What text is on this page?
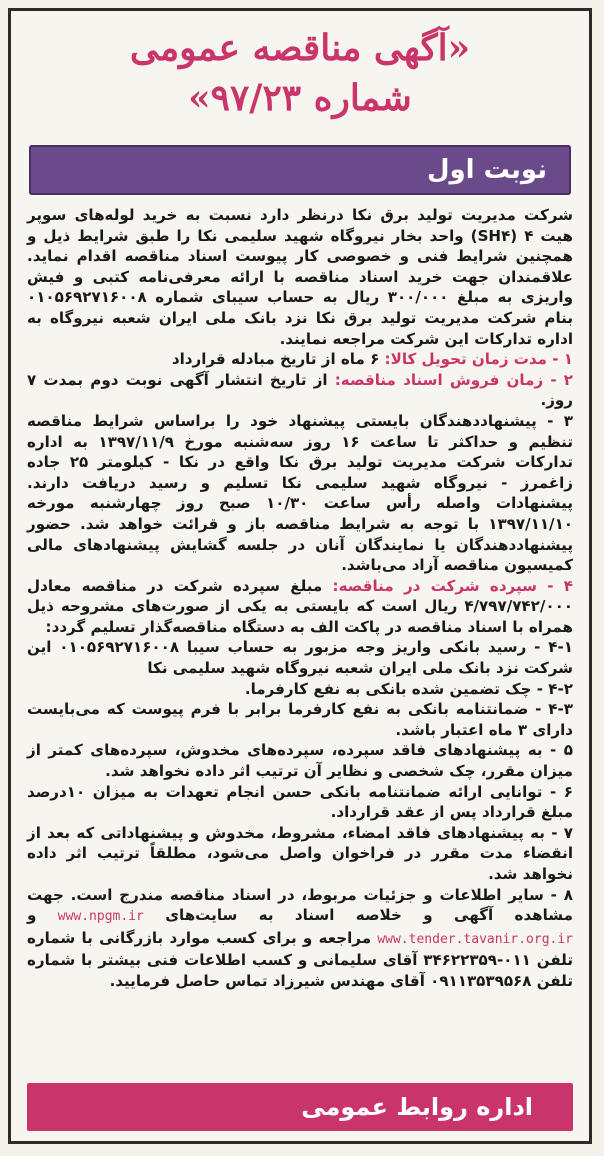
«آگهی مناقصه عمومی
شماره ۹۷/۲۳»
نوبت اول

شرکت مدیریت تولید برق نکا درنظر دارد نسبت به خرید لوله‌های سوپر هیت ۴ (SH۴) واحد بخار نیروگاه شهید سلیمی نکا را طبق شرایط ذیل و همچنین شرایط فنی و خصوصی کار پیوست اسناد مناقصه اقدام نماید. علاقمندان جهت خرید اسناد مناقصه با ارائه معرفی‌نامه کتبی و فیش واریزی به مبلغ ۳۰۰/۰۰۰ ریال به حساب سیبای شماره ۰۱۰۵۶۹۲۷۱۶۰۰۸ بنام شرکت مدیریت تولید برق نکا نزد بانک ملی ایران شعبه نیروگاه به اداره تدارکات این شرکت مراجعه نمایند.

۱ - مدت زمان تحویل کالا: ۶ ماه از تاریخ مبادله قرارداد

۲ - زمان فروش اسناد مناقصه: از تاریخ انتشار آگهی نوبت دوم بمدت ۷ روز.

۳ - پیشنهاددهندگان بایستی پیشنهاد خود را براساس شرایط مناقصه تنظیم و حداکثر تا ساعت ۱۶ روز سه‌شنبه مورخ ۱۳۹۷/۱۱/۹ به اداره تدارکات شرکت مدیریت تولید برق نکا واقع در نکا - کیلومتر ۲۵ جاده زاغمرز - نیروگاه شهید سلیمی نکا تسلیم و رسید دریافت دارند. پیشنهادات واصله رأس ساعت ۱۰/۳۰ صبح روز چهارشنبه مورخه ۱۳۹۷/۱۱/۱۰ با توجه به شرایط مناقصه باز و قرائت خواهد شد. حضور پیشنهاددهندگان یا نمایندگان آنان در جلسه گشایش پیشنهادهای مالی کمیسیون مناقصه آزاد می‌باشد.

۴ - سپرده شرکت در مناقصه: مبلغ سپرده شرکت در مناقصه معادل ۴/۷۹۷/۷۴۲/۰۰۰ ریال است که بایستی به یکی از صورت‌های مشروحه ذیل همراه با اسناد مناقصه در پاکت الف به دستگاه مناقصه‌گذار تسلیم گردد:

۴-۱ - رسید بانکی واریز وجه مزبور به حساب سیبا ۰۱۰۵۶۹۲۷۱۶۰۰۸ این شرکت نزد بانک ملی ایران شعبه نیروگاه شهید سلیمی نکا

۴-۲ - چک تضمین شده بانکی به نفع کارفرما.

۴-۳ - ضمانتنامه بانکی به نفع کارفرما برابر با فرم پیوست که می‌بایست دارای ۳ ماه اعتبار باشد.

۵ - به پیشنهادهای فاقد سپرده، سپرده‌های مخدوش، سپرده‌های کمتر از میزان مقرر، چک شخصی و نظایر آن ترتیب اثر داده نخواهد شد.

۶ - توانایی ارائه ضمانتنامه بانکی حسن انجام تعهدات به میزان ۱۰درصد مبلغ قرارداد پس از عقد قرارداد.

۷ - به پیشنهادهای فاقد امضاء، مشروط، مخدوش و پیشنهاداتی که بعد از انقضاء مدت مقرر در فراخوان واصل می‌شود، مطلقاً ترتیب اثر داده نخواهد شد.

۸ - سایر اطلاعات و جزئیات مربوط، در اسناد مناقصه مندرج است. جهت مشاهده آگهی و خلاصه اسناد به سایت‌های www.npgm.ir و www.tender.tavanir.org.ir مراجعه و برای کسب موارد بازرگانی با شماره تلفن ۰۱۱-۳۴۶۲۲۳۵۹ آقای سلیمانی و کسب اطلاعات فنی بیشتر با شماره تلفن ۰۹۱۱۳۵۳۹۵۶۸ آقای مهندس شیرزاد تماس حاصل فرمایید.

اداره روابط عمومی
